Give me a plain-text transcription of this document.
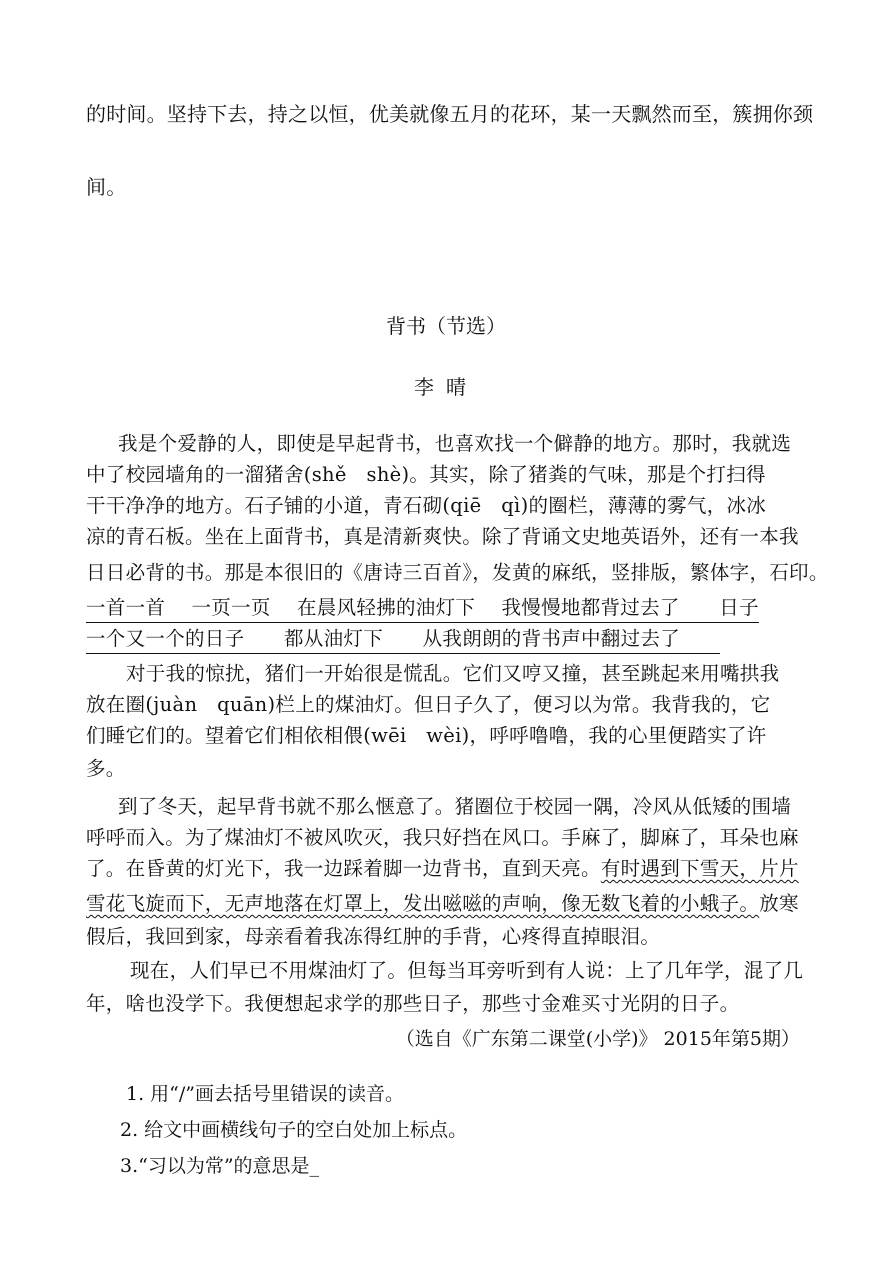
的时间。坚持下去，持之以恒，优美就像五月的花环，某一天飘然而至，簇拥你颈
间。
背书（节选）
李晴
我是个爱静的人，即使是早起背书，也喜欢找一个僻静的地方。那时，我就选
中了校园墙角的一溜猪舍(shě　shè)。其实，除了猪粪的气味，那是个打扫得
干干净净的地方。石子铺的小道，青石砌(qiē　qì)的圈栏，薄薄的雾气，冰冰
凉的青石板。坐在上面背书，真是清新爽快。除了背诵文史地英语外，还有一本我
日日必背的书。那是本很旧的《唐诗三百首》，发黄的麻纸，竖排版，繁体字，石印。
一首一首　 一页一页　 在晨风轻拂的油灯下　 我慢慢地都背过去了　　日子
一个又一个的日子　　都从油灯下　　从我朗朗的背书声中翻过去了　　
对于我的惊扰，猪们一开始很是慌乱。它们又哼又撞，甚至跳起来用嘴拱我
放在圈(juàn　quān)栏上的煤油灯。但日子久了，便习以为常。我背我的，它
们睡它们的。望着它们相依相偎(wēi　wèi)，呼呼噜噜，我的心里便踏实了许
多。
到了冬天，起早背书就不那么惬意了。猪圈位于校园一隅，冷风从低矮的围墙
呼呼而入。为了煤油灯不被风吹灭，我只好挡在风口。手麻了，脚麻了，耳朵也麻
了。在昏黄的灯光下，我一边踩着脚一边背书，直到天亮。有时遇到下雪天，片片
雪花飞旋而下，无声地落在灯罩上，发出嗞嗞的声响，像无数飞着的小蛾子。放寒
假后，我回到家，母亲看着我冻得红肿的手背，心疼得直掉眼泪。
现在，人们早已不用煤油灯了。但每当耳旁听到有人说：上了几年学，混了几
年，啥也没学下。我便想起求学的那些日子，那些寸金难买寸光阴的日子。
（选自《广东第二课堂(小学)》 2015年第5期）
1. 用“/”画去括号里错误的读音。
2. 给文中画横线句子的空白处加上标点。
3.“习以为常”的意思是_
